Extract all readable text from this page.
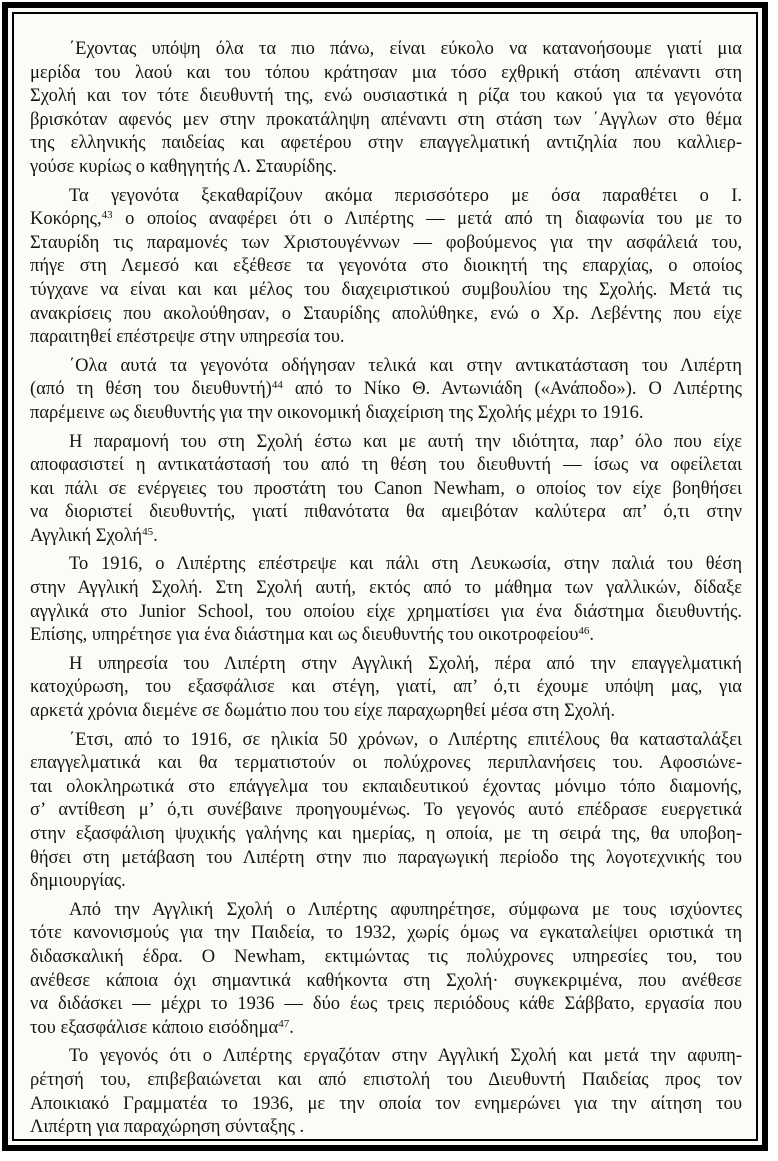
΄Εχοντας υπόψη όλα τα πιο πάνω, είναι εύκολο να κατανοήσουμε γιατί μια
μερίδα του λαού και του τόπου κράτησαν μια τόσο εχθρική στάση απέναντι στη
Σχολή και τον τότε διευθυντή της, ενώ ουσιαστικά η ρίζα του κακού για τα γεγονότα
βρισκόταν αφενός μεν στην προκατάληψη απέναντι στη στάση των ΄Αγγλων στο θέμα
της ελληνικής παιδείας και αφετέρου στην επαγγελματική αντιζηλία που καλλιερ-
γούσε κυρίως ο καθηγητής Λ. Σταυρίδης.

Τα γεγονότα ξεκαθαρίζουν ακόμα περισσότερο με όσα παραθέτει ο Ι.
Κοκόρης,$^{43}$ ο οποίος αναφέρει ότι ο Λιπέρτης — μετά από τη διαφωνία του με το
Σταυρίδη τις παραμονές των Χριστουγέννων — φοβούμενος για την ασφάλειά του,
πήγε στη Λεμεσό και εξέθεσε τα γεγονότα στο διοικητή της επαρχίας, ο οποίος
τύγχανε να είναι και και μέλος του διαχειριστικού συμβουλίου της Σχολής. Μετά τις
ανακρίσεις που ακολούθησαν, ο Σταυρίδης απολύθηκε, ενώ ο Χρ. Λεβέντης που είχε
παραιτηθεί επέστρεψε στην υπηρεσία του.

΄Ολα αυτά τα γεγονότα οδήγησαν τελικά και στην αντικατάσταση του Λιπέρτη
(από τη θέση του διευθυντή)$^{44}$ από το Νίκο Θ. Αντωνιάδη («Ανάποδο»). Ο Λιπέρτης
παρέμεινε ως διευθυντής για την οικονομική διαχείριση της Σχολής μέχρι το 1916.

Η παραμονή του στη Σχολή έστω και με αυτή την ιδιότητα, παρ’ όλο που είχε
αποφασιστεί η αντικατάστασή του από τη θέση του διευθυντή — ίσως να οφείλεται
και πάλι σε ενέργειες του προστάτη του Canon Newham, ο οποίος τον είχε βοηθήσει
να διοριστεί διευθυντής, γιατί πιθανότατα θα αμειβόταν καλύτερα απ’ ό,τι στην
Αγγλική Σχολή$^{45}$.

Το 1916, ο Λιπέρτης επέστρεψε και πάλι στη Λευκωσία, στην παλιά του θέση
στην Αγγλική Σχολή. Στη Σχολή αυτή, εκτός από το μάθημα των γαλλικών, δίδαξε
αγγλικά στο Junior School, του οποίου είχε χρηματίσει για ένα διάστημα διευθυντής.
Επίσης, υπηρέτησε για ένα διάστημα και ως διευθυντής του οικοτροφείου$^{46}$.

Η υπηρεσία του Λιπέρτη στην Αγγλική Σχολή, πέρα από την επαγγελματική
κατοχύρωση, του εξασφάλισε και στέγη, γιατί, απ’ ό,τι έχουμε υπόψη μας, για
αρκετά χρόνια διεμένε σε δωμάτιο που του είχε παραχωρηθεί μέσα στη Σχολή.

΄Ετσι, από το 1916, σε ηλικία 50 χρόνων, ο Λιπέρτης επιτέλους θα κατασταλάξει
επαγγελματικά και θα τερματιστούν οι πολύχρονες περιπλανήσεις του. Αφοσιώνε-
ται ολοκληρωτικά στο επάγγελμα του εκπαιδευτικού έχοντας μόνιμο τόπο διαμονής,
σ’ αντίθεση μ’ ό,τι συνέβαινε προηγουμένως. Το γεγονός αυτό επέδρασε ευεργετικά
στην εξασφάλιση ψυχικής γαλήνης και ημερίας, η οποία, με τη σειρά της, θα υποβοη-
θήσει στη μετάβαση του Λιπέρτη στην πιο παραγωγική περίοδο της λογοτεχνικής του
δημιουργίας.

Από την Αγγλική Σχολή ο Λιπέρτης αφυπηρέτησε, σύμφωνα με τους ισχύοντες
τότε κανονισμούς για την Παιδεία, το 1932, χωρίς όμως να εγκαταλείψει οριστικά τη
διδασκαλική έδρα. Ο Newham, εκτιμώντας τις πολύχρονες υπηρεσίες του, του
ανέθεσε κάποια όχι σημαντικά καθήκοντα στη Σχολή· συγκεκριμένα, που ανέθεσε
να διδάσκει — μέχρι το 1936 — δύο έως τρεις περιόδους κάθε Σάββατο, εργασία που
του εξασφάλισε κάποιο εισόδημα$^{47}$.

Το γεγονός ότι ο Λιπέρτης εργαζόταν στην Αγγλική Σχολή και μετά την αφυπη-
ρέτησή του, επιβεβαιώνεται και από επιστολή του Διευθυντή Παιδείας προς τον
Αποικιακό Γραμματέα το 1936, με την οποία τον ενημερώνει για την αίτηση του
Λιπέρτη για παραχώρηση σύνταξης .
